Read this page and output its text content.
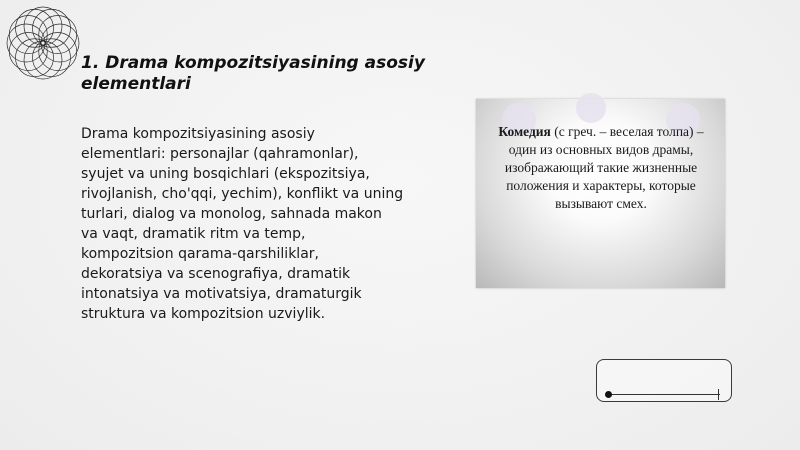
1. Drama kompozitsiyasining asosiy elementlari
Drama kompozitsiyasining asosiy
elementlari: personajlar (qahramonlar),
syujet va uning bosqichlari (ekspozitsiya,
rivojlanish, cho'qqi, yechim), konflikt va uning
turlari, dialog va monolog, sahnada makon
va vaqt, dramatik ritm va temp,
kompozitsion qarama-qarshiliklar,
dekoratsiya va scenografiya, dramatik
intonatsiya va motivatsiya, dramaturgik
struktura va kompozitsion uzviylik.
Комедия (с греч. – веселая толпа) – один из основных видов драмы, изображающий такие жизненные положения и характеры, которые вызывают смех.
